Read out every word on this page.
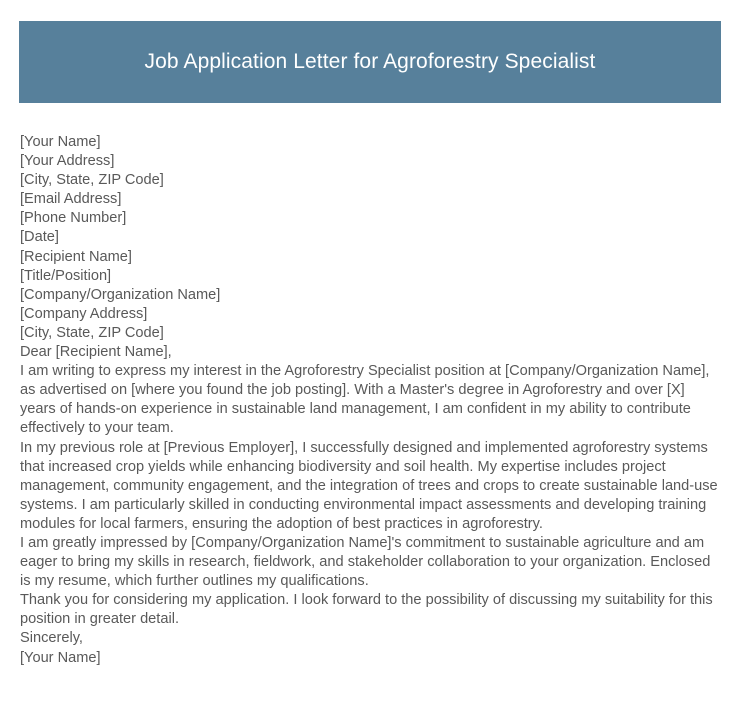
Job Application Letter for Agroforestry Specialist
[Your Name]
[Your Address]
[City, State, ZIP Code]
[Email Address]
[Phone Number]
[Date]
[Recipient Name]
[Title/Position]
[Company/Organization Name]
[Company Address]
[City, State, ZIP Code]
Dear [Recipient Name],

I am writing to express my interest in the Agroforestry Specialist position at [Company/Organization Name], as advertised on [where you found the job posting]. With a Master's degree in Agroforestry and over [X] years of hands-on experience in sustainable land management, I am confident in my ability to contribute effectively to your team.

In my previous role at [Previous Employer], I successfully designed and implemented agroforestry systems that increased crop yields while enhancing biodiversity and soil health. My expertise includes project management, community engagement, and the integration of trees and crops to create sustainable land-use systems. I am particularly skilled in conducting environmental impact assessments and developing training modules for local farmers, ensuring the adoption of best practices in agroforestry.

I am greatly impressed by [Company/Organization Name]'s commitment to sustainable agriculture and am eager to bring my skills in research, fieldwork, and stakeholder collaboration to your organization. Enclosed is my resume, which further outlines my qualifications.

Thank you for considering my application. I look forward to the possibility of discussing my suitability for this position in greater detail.

Sincerely,
[Your Name]
